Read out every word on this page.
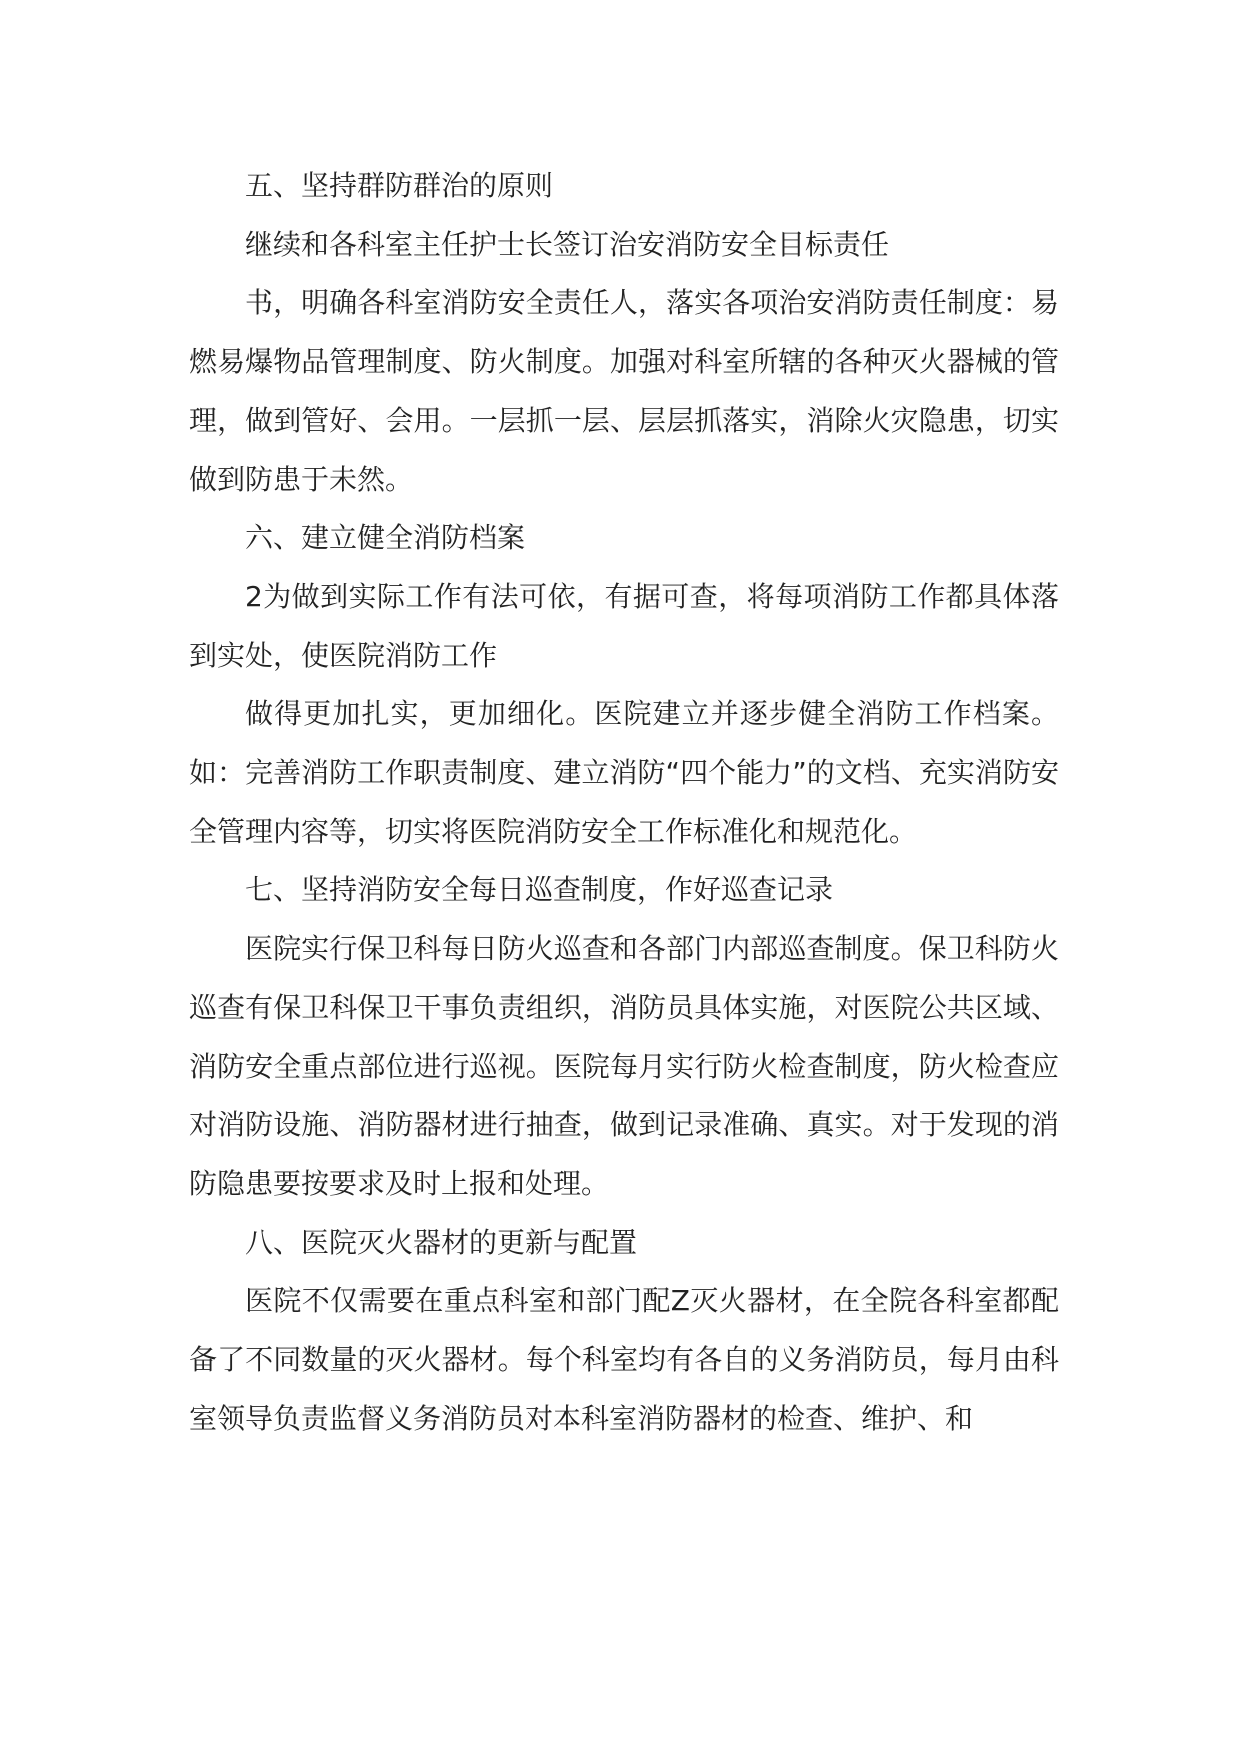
五、坚持群防群治的原则

继续和各科室主任护士长签订治安消防安全目标责任

书，明确各科室消防安全责任人，落实各项治安消防责任制度：易燃易爆物品管理制度、防火制度。加强对科室所辖的各种灭火器械的管理，做到管好、会用。一层抓一层、层层抓落实，消除火灾隐患，切实做到防患于未然。

六、建立健全消防档案

2为做到实际工作有法可依，有据可查，将每项消防工作都具体落到实处，使医院消防工作

做得更加扎实，更加细化。医院建立并逐步健全消防工作档案。如：完善消防工作职责制度、建立消防“四个能力”的文档、充实消防安全管理内容等，切实将医院消防安全工作标准化和规范化。

七、坚持消防安全每日巡查制度，作好巡查记录

医院实行保卫科每日防火巡查和各部门内部巡查制度。保卫科防火巡查有保卫科保卫干事负责组织，消防员具体实施，对医院公共区域、消防安全重点部位进行巡视。医院每月实行防火检查制度，防火检查应对消防设施、消防器材进行抽查，做到记录准确、真实。对于发现的消防隐患要按要求及时上报和处理。

八、医院灭火器材的更新与配置

医院不仅需要在重点科室和部门配Z灭火器材，在全院各科室都配备了不同数量的灭火器材。每个科室均有各自的义务消防员，每月由科室领导负责监督义务消防员对本科室消防器材的检查、维护、和
